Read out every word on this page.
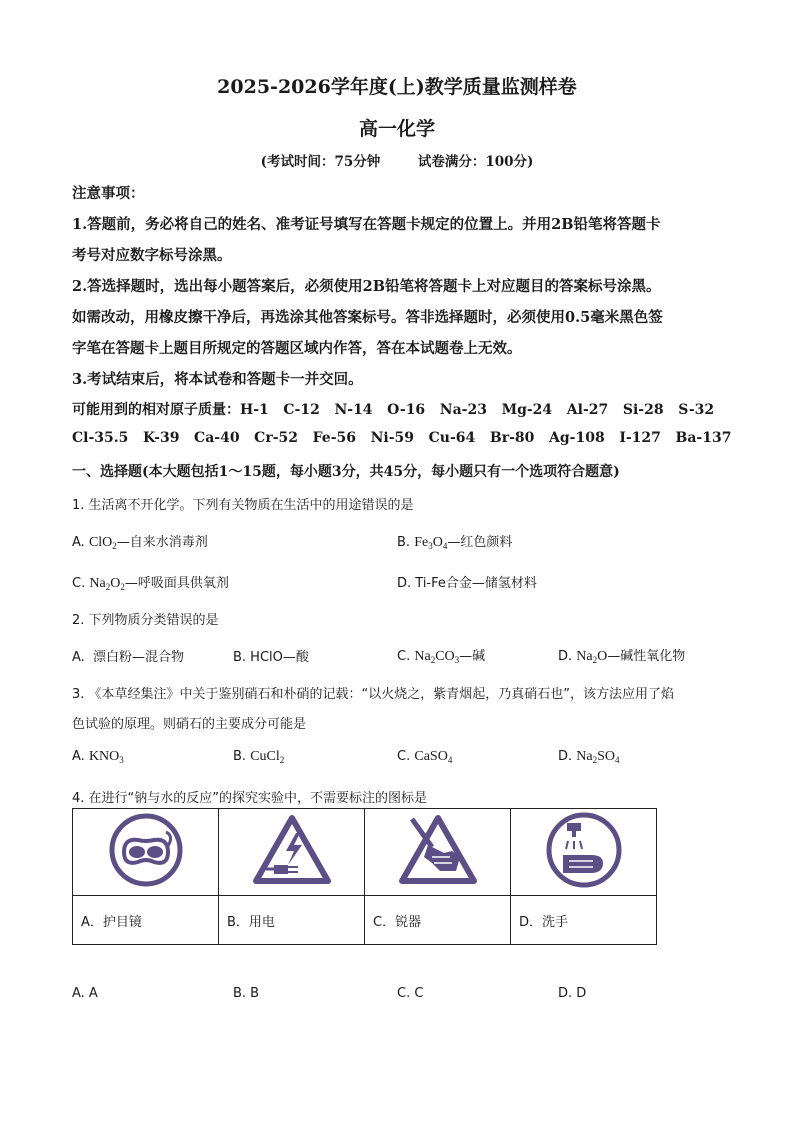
2025-2026学年度(上)教学质量监测样卷
高一化学
(考试时间：75分钟        试卷满分：100分)
注意事项：
1.答题前，务必将自己的姓名、准考证号填写在答题卡规定的位置上。并用2B铅笔将答题卡
考号对应数字标号涂黑。
2.答选择题时，选出每小题答案后，必须使用2B铅笔将答题卡上对应题目的答案标号涂黑。
如需改动，用橡皮擦干净后，再选涂其他答案标号。答非选择题时，必须使用0.5毫米黑色签
字笔在答题卡上题目所规定的答题区域内作答，答在本试题卷上无效。
3.考试结束后，将本试卷和答题卡一并交回。
可能用到的相对原子质量：H-1   C-12   N-14   O-16   Na-23   Mg-24   Al-27   Si-28   S-32
Cl-35.5   K-39   Ca-40   Cr-52   Fe-56   Ni-59   Cu-64   Br-80   Ag-108   I-127   Ba-137
一、选择题(本大题包括1～15题，每小题3分，共45分，每小题只有一个选项符合题意)
1. 生活离不开化学。下列有关物质在生活中的用途错误的是
A. ClO$_2$—自来水消毒剂	B. $Fe_3O_4—$红色颜料
C. $Na_2O_2—$呼吸面具供氧剂	D. Ti-Fe合金—储氢材料
2. 下列物质分类错误的是
A.  漂白粉—混合物	B. HClO—酸	C. $Na_2CO_3—$碱	D. $Na_2O—$碱性氧化物
3. 《本草经集注》中关于鉴别硝石和朴硝的记载：“以火烧之，紫青烟起，乃真硝石也”，该方法应用了焰
色试验的原理。则硝石的主要成分可能是
A. $KNO_3$	B. CuCl$_2$	C. CaSO$_4$	D. $Na_2SO_4$
4. 在进行“钠与水的反应”的探究实验中，不需要标注的图标是

A．护目镜	B．用电	C．锐器	D．洗手
A. A	B. B	C. C	D. D
